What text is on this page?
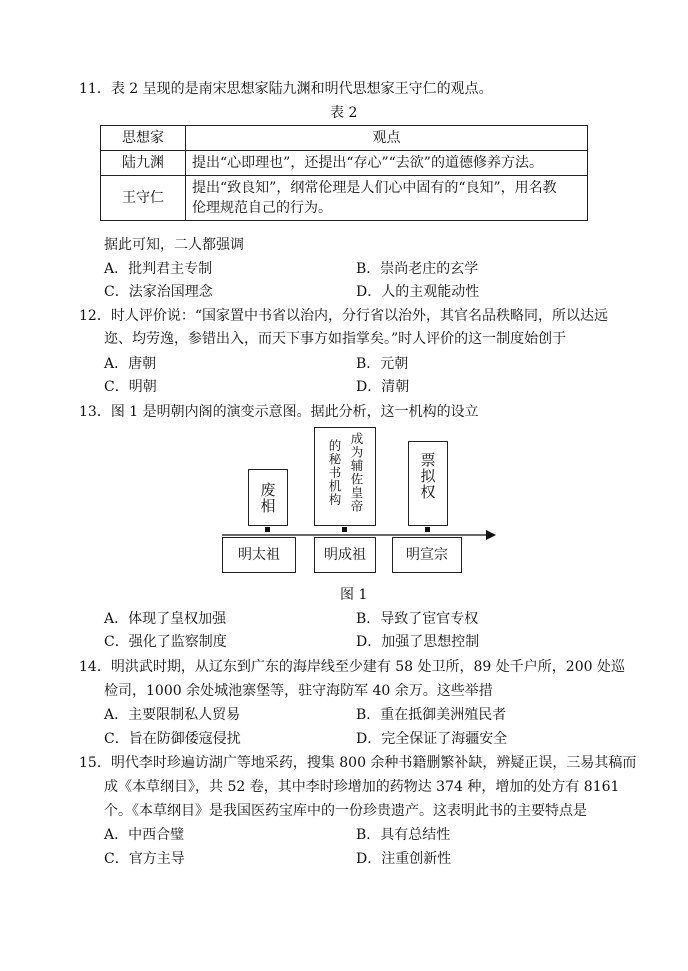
11．表 2 呈现的是南宋思想家陆九渊和明代思想家王守仁的观点。
表 2
思想家	观点
陆九渊	提出“心即理也”，还提出“存心”“去欲”的道德修养方法。
王守仁	提出“致良知”，纲常伦理是人们心中固有的“良知”，用名教
伦理规范自己的行为。
据此可知，二人都强调
A．批判君主专制	B．崇尚老庄的玄学
C．法家治国理念	D．人的主观能动性
12．时人评价说：“国家置中书省以治内，分行省以治外，其官名品秩略同，所以达远
迩、均劳逸，参错出入，而天下事方如指掌矣。”时人评价的这一制度始创于
A．唐朝	B．元朝
C．明朝	D．清朝
13．图 1 是明朝内阁的演变示意图。据此分析，这一机构的设立
废相	成为辅佐皇帝
的秘书机构	票拟权
明太祖	明成祖	明宣宗
图 1
A．体现了皇权加强	B．导致了宦官专权
C．强化了监察制度	D．加强了思想控制
14．明洪武时期，从辽东到广东的海岸线至少建有 58 处卫所，89 处千户所，200 处巡
检司，1000 余处城池寨堡等，驻守海防军 40 余万。这些举措
A．主要限制私人贸易	B．重在抵御美洲殖民者
C．旨在防御倭寇侵扰	D．完全保证了海疆安全
15．明代李时珍遍访湖广等地采药，搜集 800 余种书籍删繁补缺，辨疑正误，三易其稿而
成《本草纲目》，共 52 卷，其中李时珍增加的药物达 374 种，增加的处方有 8161
个。《本草纲目》是我国医药宝库中的一份珍贵遗产。这表明此书的主要特点是
A．中西合璧	B．具有总结性
C．官方主导	D．注重创新性
